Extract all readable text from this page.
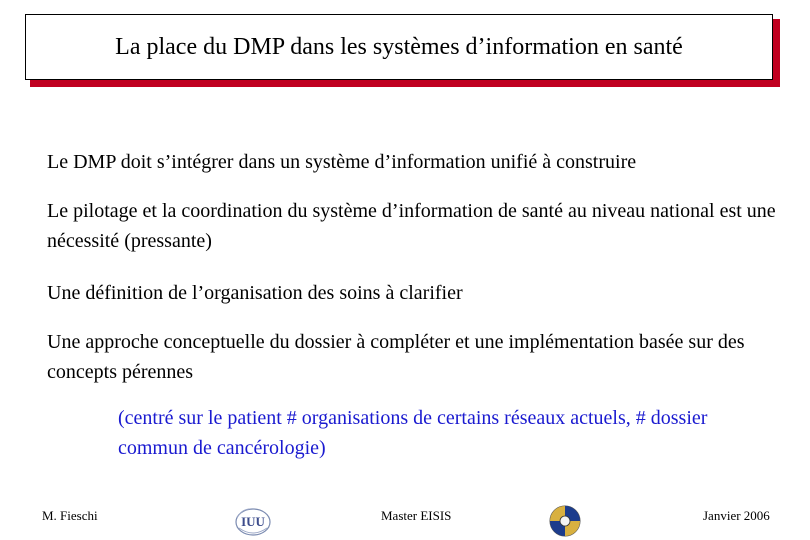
La place du DMP dans les systèmes d’information en santé
Le DMP doit s’intégrer dans un système d’information unifié à construire
Le pilotage et la coordination du système d’information de santé au niveau national est une nécessité (pressante)
Une définition de l’organisation des soins à clarifier
Une approche conceptuelle du dossier à compléter et une implémentation basée sur des concepts pérennes
(centré sur le patient # organisations de certains réseaux actuels, # dossier commun de cancérologie)
M. Fieschi	IUU	Master EISIS	Janvier 2006
